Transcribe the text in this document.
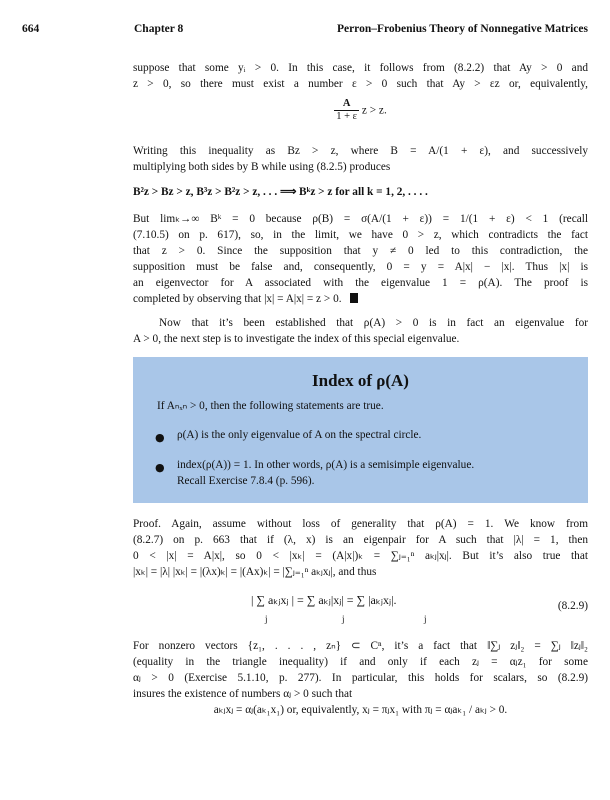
664	Chapter 8	Perron–Frobenius Theory of Nonnegative Matrices
suppose that some yᵢ > 0. In this case, it follows from (8.2.2) that Ay > 0 and
z > 0, so there must exist a number ε > 0 such that Ay > εz or, equivalently,
$\frac{A}{1 + \varepsilon}$ z > z.
Writing this inequality as Bz > z, where B = A/(1 + ε), and successively
multiplying both sides by B while using (8.2.5) produces
B²z > Bz > z, B³z > B²z > z, . . . ⟹ Bᵏz > z for all k = 1, 2, . . . .
But limₖ→∞ Bᵏ = 0 because ρ(B) = σ(A/(1 + ε)) = 1/(1 + ε) < 1 (recall
(7.10.5) on p. 617), so, in the limit, we have 0 > z, which contradicts the fact
that z > 0. Since the supposition that y ≠ 0 led to this contradiction, the
supposition must be false and, consequently, 0 = y = A|x| − |x|. Thus |x| is
an eigenvector for A associated with the eigenvalue 1 = ρ(A). The proof is
completed by observing that |x| = A|x| = z > 0.
Now that it’s been established that ρ(A) > 0 is in fact an eigenvalue for
A > 0, the next step is to investigate the index of this special eigenvalue.
Index of ρ(A)
If Aₙₓₙ > 0, then the following statements are true.
● ρ(A) is the only eigenvalue of A on the spectral circle.
● index(ρ(A)) = 1. In other words, ρ(A) is a semisimple eigenvalue.
Recall Exercise 7.8.4 (p. 596).
Proof. Again, assume without loss of generality that ρ(A) = 1. We know from
(8.2.7) on p. 663 that if (λ, x) is an eigenpair for A such that |λ| = 1, then
0 < |x| = A|x|, so 0 < |xₖ| = (A|x|)ₖ = ∑ⱼ₌₁ⁿ aₖⱼ|xⱼ|. But it’s also true that
|xₖ| = |λ| |xₖ| = |(λx)ₖ| = |(Ax)ₖ| = |∑ⱼ₌₁ⁿ aₖⱼxⱼ|, and thus
| ∑ aₖⱼxⱼ | = ∑ aₖⱼ|xⱼ| = ∑ |aₖⱼxⱼ|.	(8.2.9)
j	j	j
For nonzero vectors {z₁, . . . , zₙ} ⊂ Cⁿ, it’s a fact that ‖∑ⱼ zⱼ‖₂ = ∑ⱼ ‖zⱼ‖₂
(equality in the triangle inequality) if and only if each zⱼ = αⱼz₁ for some
αⱼ > 0 (Exercise 5.1.10, p. 277). In particular, this holds for scalars, so (8.2.9)
insures the existence of numbers αⱼ > 0 such that
aₖⱼxⱼ = αⱼ(aₖ₁x₁) or, equivalently, xⱼ = πⱼx₁ with πⱼ = αⱼaₖ₁ / aₖⱼ > 0.
